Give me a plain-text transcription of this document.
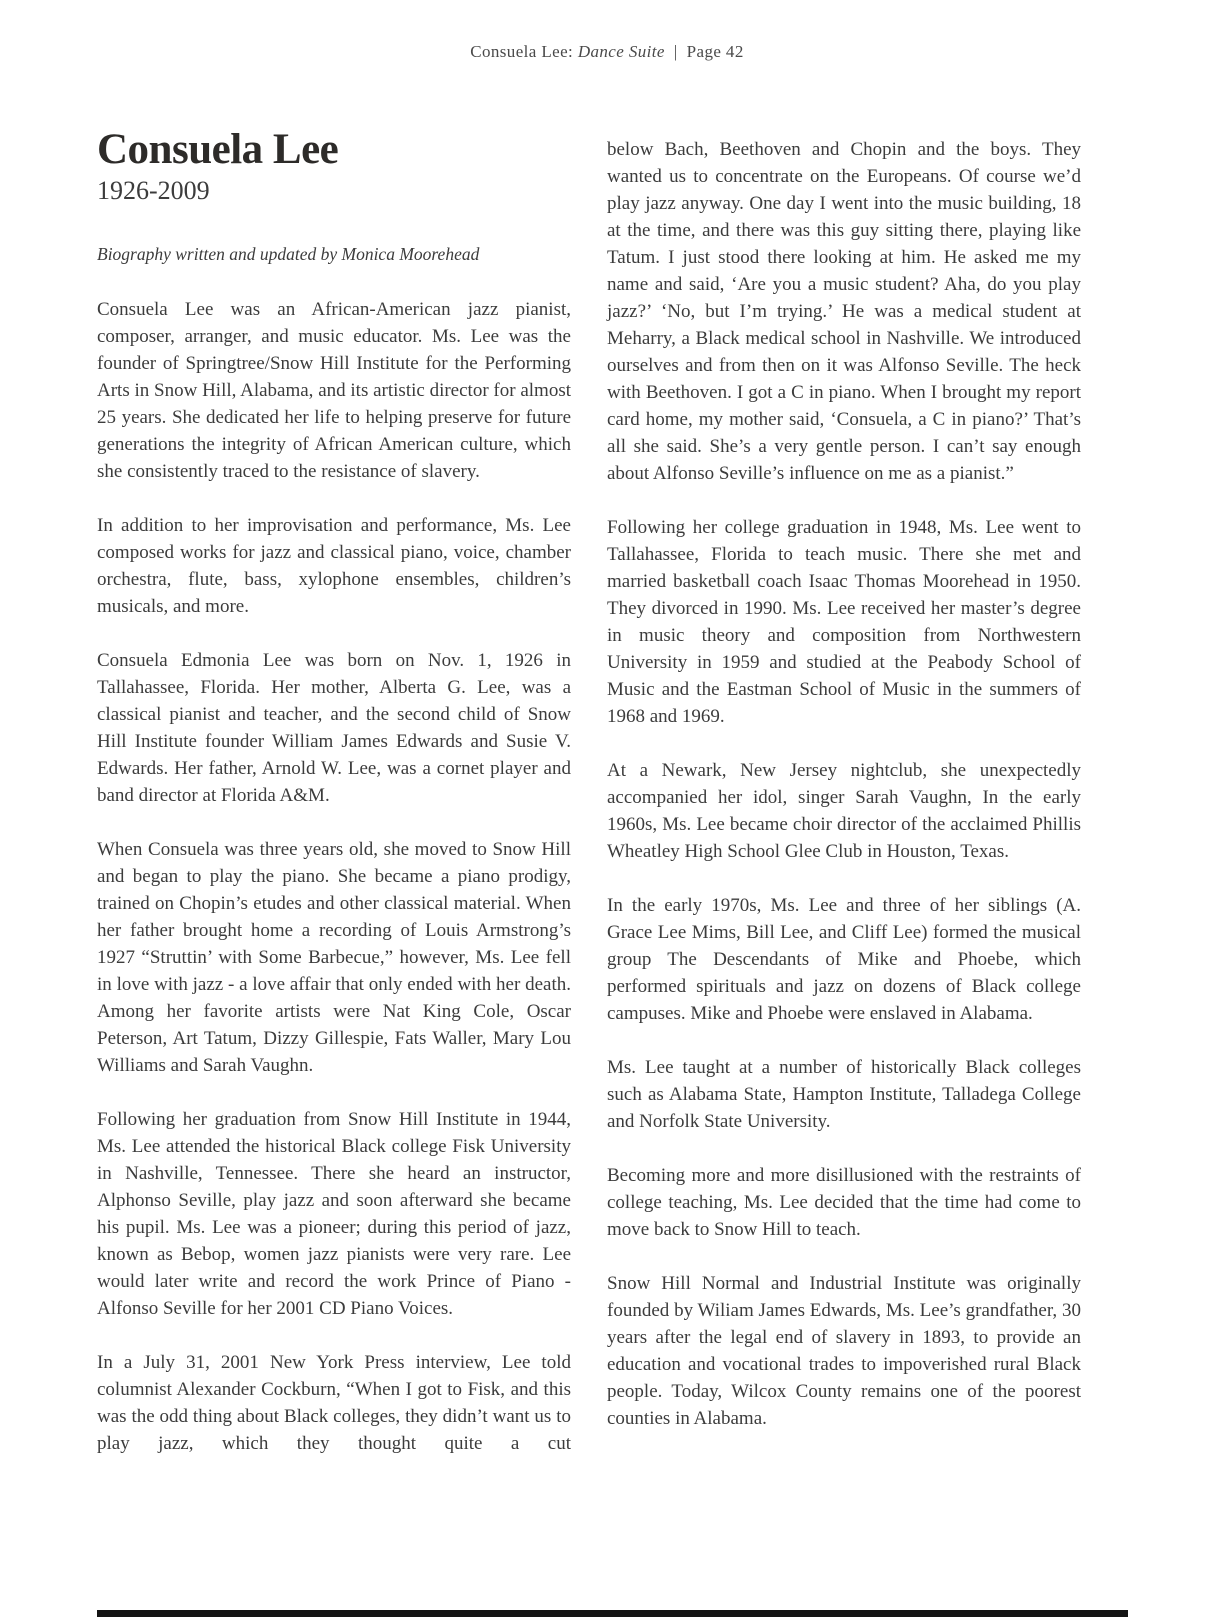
Consuela Lee: Dance Suite | Page 42
Consuela Lee
1926-2009
Biography written and updated by Monica Moorehead

Consuela Lee was an African-American jazz pianist, composer, arranger, and music educator. Ms. Lee was the founder of Springtree/Snow Hill Institute for the Performing Arts in Snow Hill, Alabama, and its artistic director for almost 25 years. She dedicated her life to helping preserve for future generations the integrity of African American culture, which she consistently traced to the resistance of slavery.

In addition to her improvisation and performance, Ms. Lee composed works for jazz and classical piano, voice, chamber orchestra, flute, bass, xylophone ensembles, children’s musicals, and more.

Consuela Edmonia Lee was born on Nov. 1, 1926 in Tallahassee, Florida. Her mother, Alberta G. Lee, was a classical pianist and teacher, and the second child of Snow Hill Institute founder William James Edwards and Susie V. Edwards. Her father, Arnold W. Lee, was a cornet player and band director at Florida A&M.

When Consuela was three years old, she moved to Snow Hill and began to play the piano. She became a piano prodigy, trained on Chopin’s etudes and other classical material. When her father brought home a recording of Louis Armstrong’s 1927 “Struttin’ with Some Barbecue,” however, Ms. Lee fell in love with jazz - a love affair that only ended with her death. Among her favorite artists were Nat King Cole, Oscar Peterson, Art Tatum, Dizzy Gillespie, Fats Waller, Mary Lou Williams and Sarah Vaughn.

Following her graduation from Snow Hill Institute in 1944, Ms. Lee attended the historical Black college Fisk University in Nashville, Tennessee. There she heard an instructor, Alphonso Seville, play jazz and soon afterward she became his pupil. Ms. Lee was a pioneer; during this period of jazz, known as Bebop, women jazz pianists were very rare. Lee would later write and record the work Prince of Piano - Alfonso Seville for her 2001 CD Piano Voices.

In a July 31, 2001 New York Press interview, Lee told columnist Alexander Cockburn, “When I got to Fisk, and this was the odd thing about Black colleges, they didn’t want us to play jazz, which they thought quite a cut

below Bach, Beethoven and Chopin and the boys. They wanted us to concentrate on the Europeans. Of course we’d play jazz anyway. One day I went into the music building, 18 at the time, and there was this guy sitting there, playing like Tatum. I just stood there looking at him. He asked me my name and said, ‘Are you a music student? Aha, do you play jazz?’ ‘No, but I’m trying.’ He was a medical student at Meharry, a Black medical school in Nashville. We introduced ourselves and from then on it was Alfonso Seville. The heck with Beethoven. I got a C in piano. When I brought my report card home, my mother said, ‘Consuela, a C in piano?’ That’s all she said. She’s a very gentle person. I can’t say enough about Alfonso Seville’s influence on me as a pianist.”

Following her college graduation in 1948, Ms. Lee went to Tallahassee, Florida to teach music. There she met and married basketball coach Isaac Thomas Moorehead in 1950. They divorced in 1990. Ms. Lee received her master’s degree in music theory and composition from Northwestern University in 1959 and studied at the Peabody School of Music and the Eastman School of Music in the summers of 1968 and 1969.

At a Newark, New Jersey nightclub, she unexpectedly accompanied her idol, singer Sarah Vaughn, In the early 1960s, Ms. Lee became choir director of the acclaimed Phillis Wheatley High School Glee Club in Houston, Texas.

In the early 1970s, Ms. Lee and three of her siblings (A. Grace Lee Mims, Bill Lee, and Cliff Lee) formed the musical group The Descendants of Mike and Phoebe, which performed spirituals and jazz on dozens of Black college campuses. Mike and Phoebe were enslaved in Alabama.

Ms. Lee taught at a number of historically Black colleges such as Alabama State, Hampton Institute, Talladega College and Norfolk State University.

Becoming more and more disillusioned with the restraints of college teaching, Ms. Lee decided that the time had come to move back to Snow Hill to teach.

Snow Hill Normal and Industrial Institute was originally founded by Wiliam James Edwards, Ms. Lee’s grandfather, 30 years after the legal end of slavery in 1893, to provide an education and vocational trades to impoverished rural Black people. Today, Wilcox County remains one of the poorest counties in Alabama.
